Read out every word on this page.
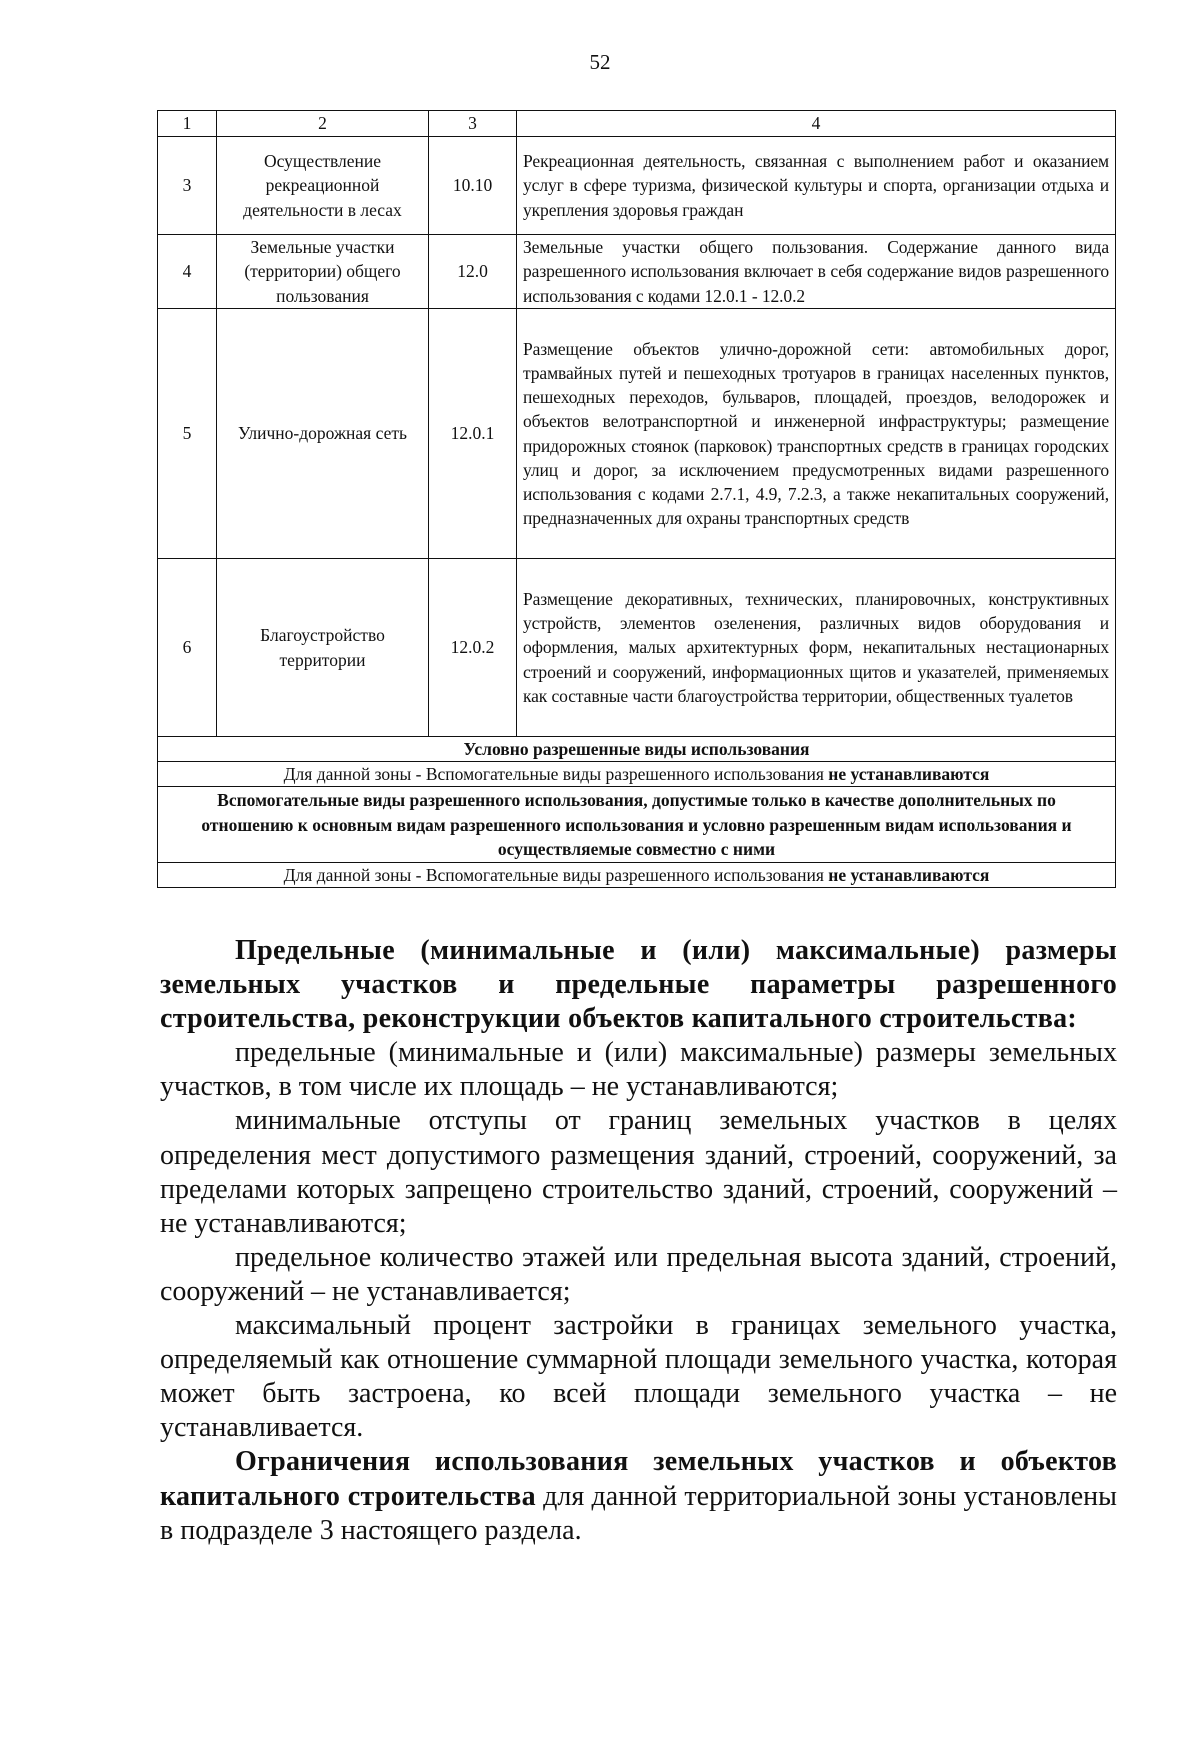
52
1	2	3	4
3	Осуществление рекреационной деятельности в лесах	10.10	Рекреационная деятельность, связанная с выполнением работ и оказанием услуг в сфере туризма, физической культуры и спорта, организации отдыха и укрепления здоровья граждан
4	Земельные участки (территории) общего пользования	12.0	Земельные участки общего пользования. Содержание данного вида разрешенного использования включает в себя содержание видов разрешенного использования с кодами 12.0.1 - 12.0.2
5	Улично-дорожная сеть	12.0.1	Размещение объектов улично-дорожной сети: автомобильных дорог, трамвайных путей и пешеходных тротуаров в границах населенных пунктов, пешеходных переходов, бульваров, площадей, проездов, велодорожек и объектов велотранспортной и инженерной инфраструктуры; размещение придорожных стоянок (парковок) транспортных средств в границах городских улиц и дорог, за исключением предусмотренных видами разрешенного использования с кодами 2.7.1, 4.9, 7.2.3, а также некапитальных сооружений, предназначенных для охраны транспортных средств
6	Благоустройство территории	12.0.2	Размещение декоративных, технических, планировочных, конструктивных устройств, элементов озеленения, различных видов оборудования и оформления, малых архитектурных форм, некапитальных нестационарных строений и сооружений, информационных щитов и указателей, применяемых как составные части благоустройства территории, общественных туалетов
Условно разрешенные виды использования			
Для данной зоны - Вспомогательные виды разрешенного использования не устанавливаются			
Вспомогательные виды разрешенного использования, допустимые только в качестве дополнительных по отношению к основным видам разрешенного использования и условно разрешенным видам использования и осуществляемые совместно с ними			
Для данной зоны - Вспомогательные виды разрешенного использования не устанавливаются			

Предельные (минимальные и (или) максимальные) размеры земельных участков и предельные параметры разрешенного строительства, реконструкции объектов капитального строительства:

предельные (минимальные и (или) максимальные) размеры земельных участков, в том числе их площадь – не устанавливаются;

минимальные отступы от границ земельных участков в целях определения мест допустимого размещения зданий, строений, сооружений, за пределами которых запрещено строительство зданий, строений, сооружений – не устанавливаются;

предельное количество этажей или предельная высота зданий, строений, сооружений – не устанавливается;

максимальный процент застройки в границах земельного участка, определяемый как отношение суммарной площади земельного участка, которая может быть застроена, ко всей площади земельного участка – не устанавливается.

Ограничения использования земельных участков и объектов капитального строительства для данной территориальной зоны установлены в подразделе 3 настоящего раздела.
